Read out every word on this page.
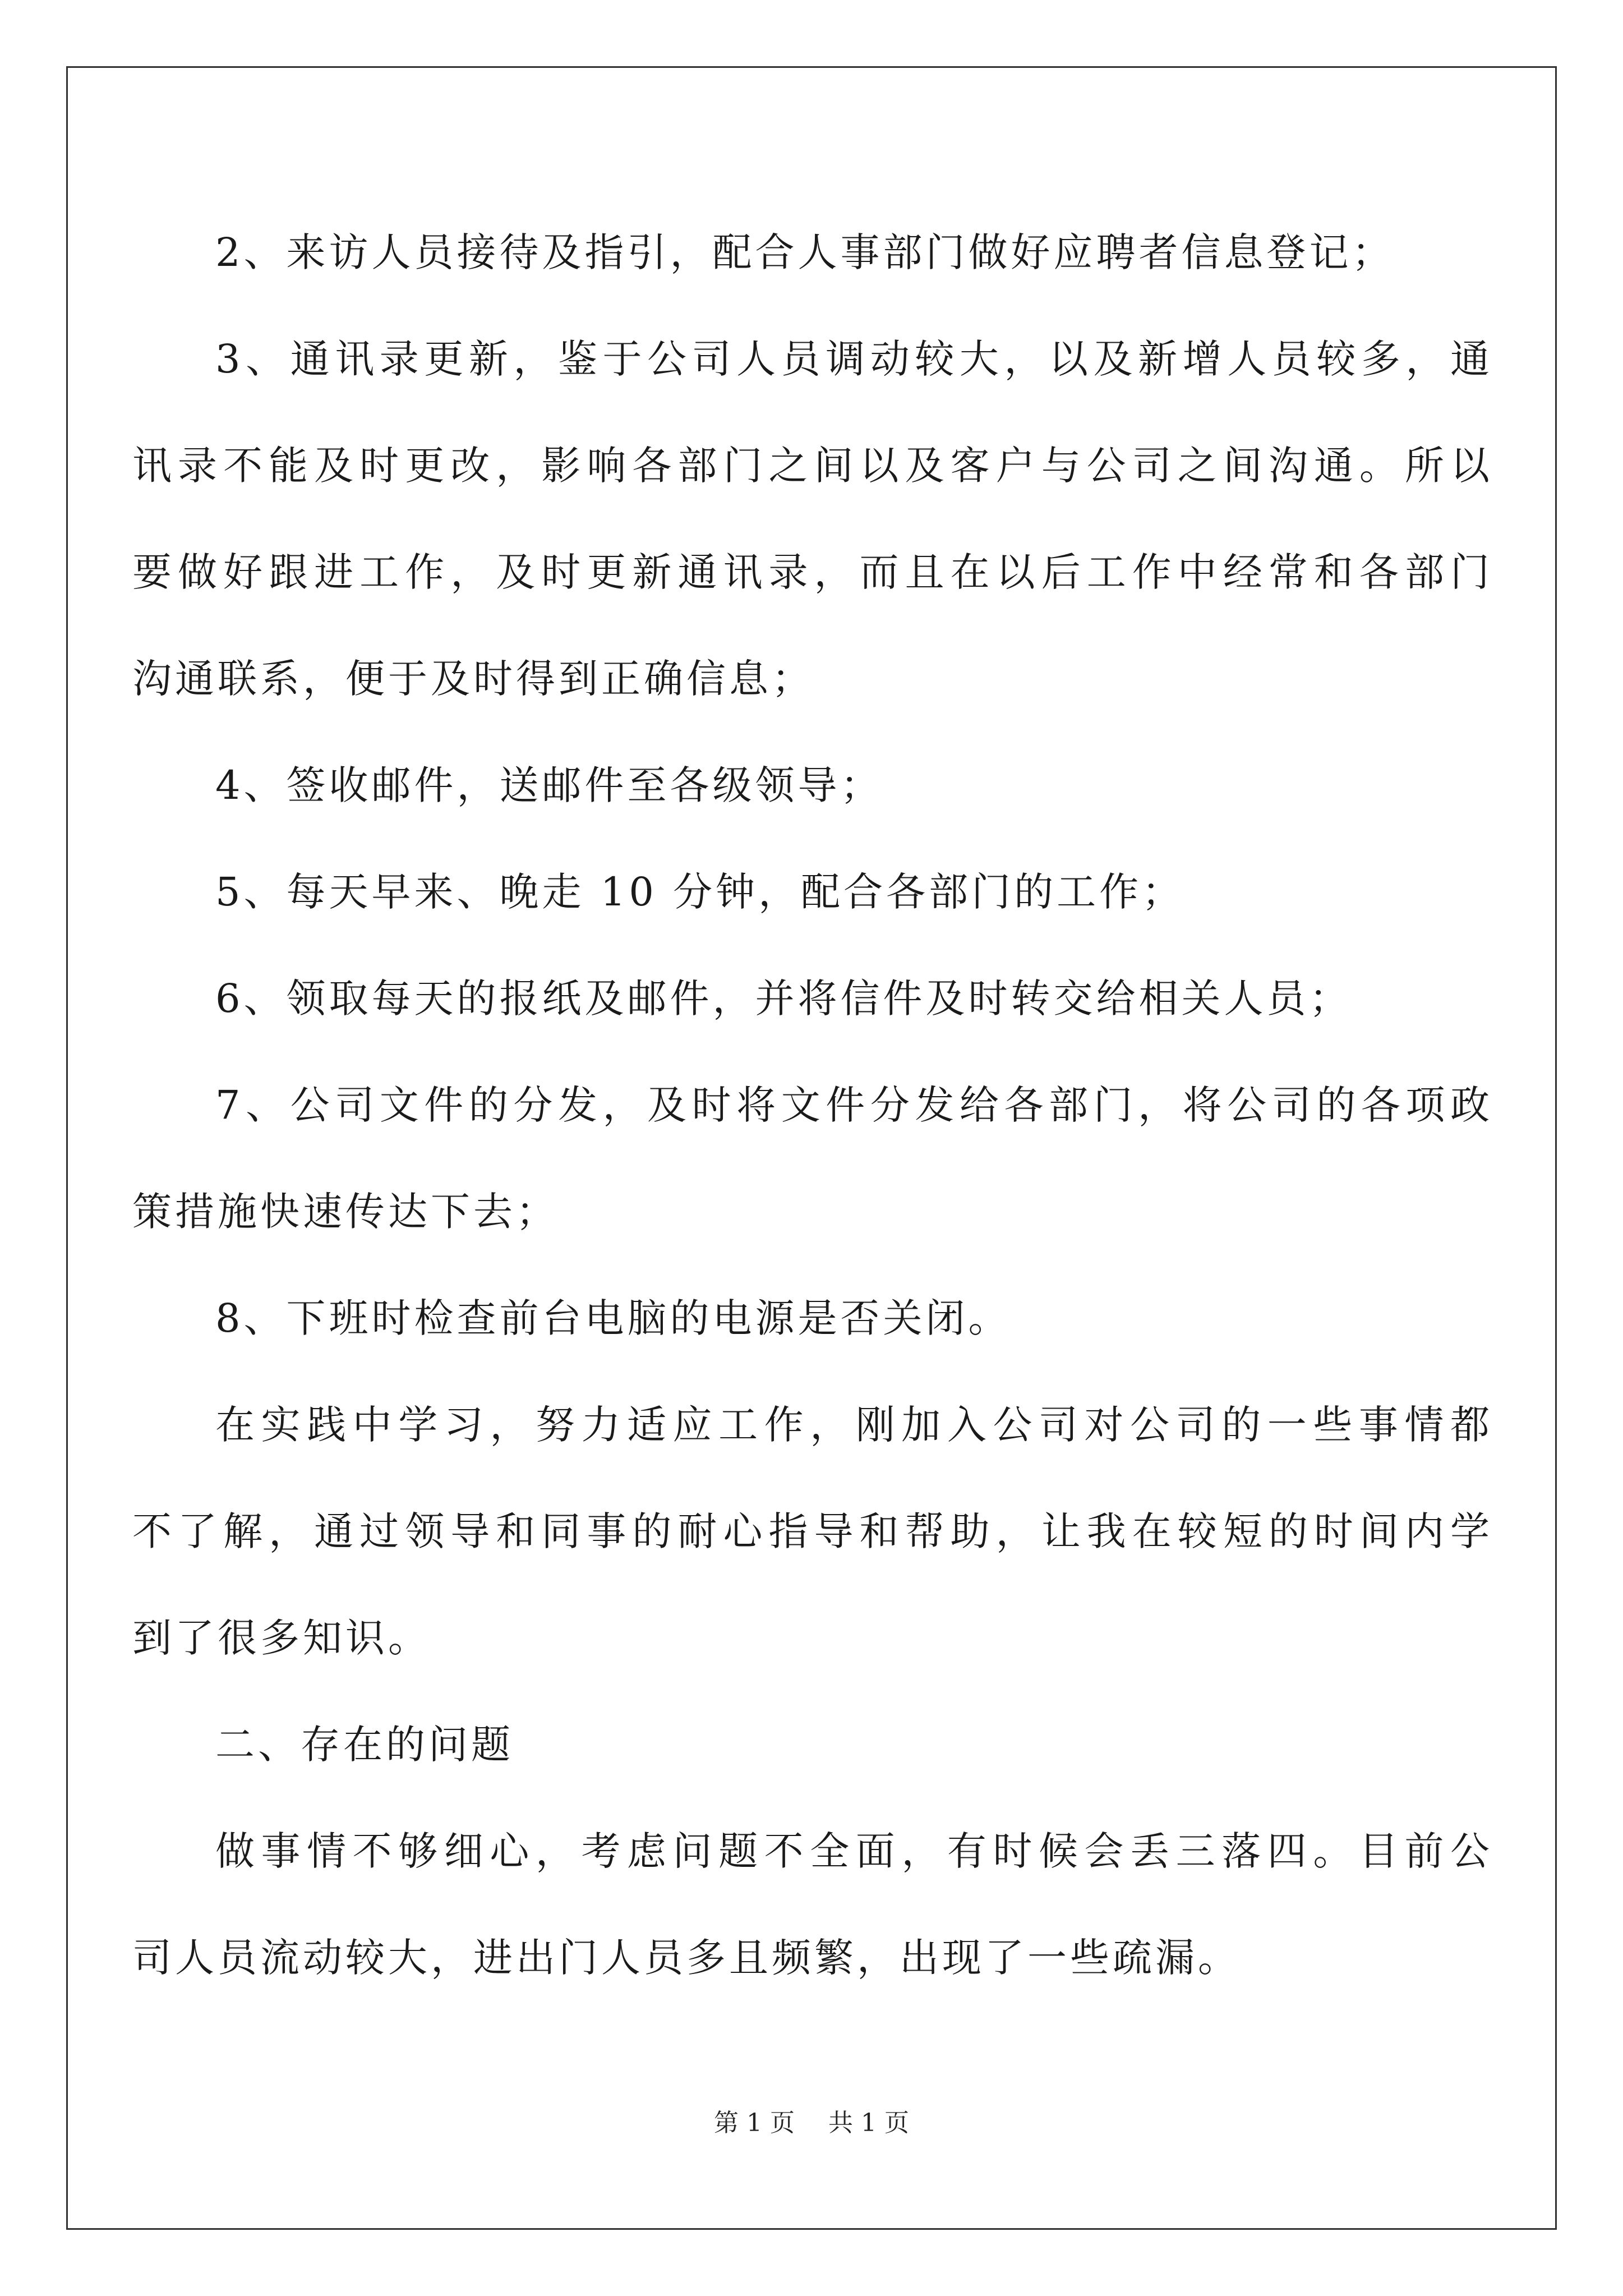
2、来访人员接待及指引，配合人事部门做好应聘者信息登记；
3、通讯录更新，鉴于公司人员调动较大，以及新增人员较多，通
讯录不能及时更改，影响各部门之间以及客户与公司之间沟通。所以
要做好跟进工作，及时更新通讯录，而且在以后工作中经常和各部门
沟通联系，便于及时得到正确信息；
4、签收邮件，送邮件至各级领导；
5、每天早来、晚走 10 分钟，配合各部门的工作；
6、领取每天的报纸及邮件，并将信件及时转交给相关人员；
7、公司文件的分发，及时将文件分发给各部门，将公司的各项政
策措施快速传达下去；
8、下班时检查前台电脑的电源是否关闭。
在实践中学习，努力适应工作，刚加入公司对公司的一些事情都
不了解，通过领导和同事的耐心指导和帮助，让我在较短的时间内学
到了很多知识。
二、存在的问题
做事情不够细心，考虑问题不全面，有时候会丢三落四。目前公
司人员流动较大，进出门人员多且频繁，出现了一些疏漏。
第 1 页 共 1 页
